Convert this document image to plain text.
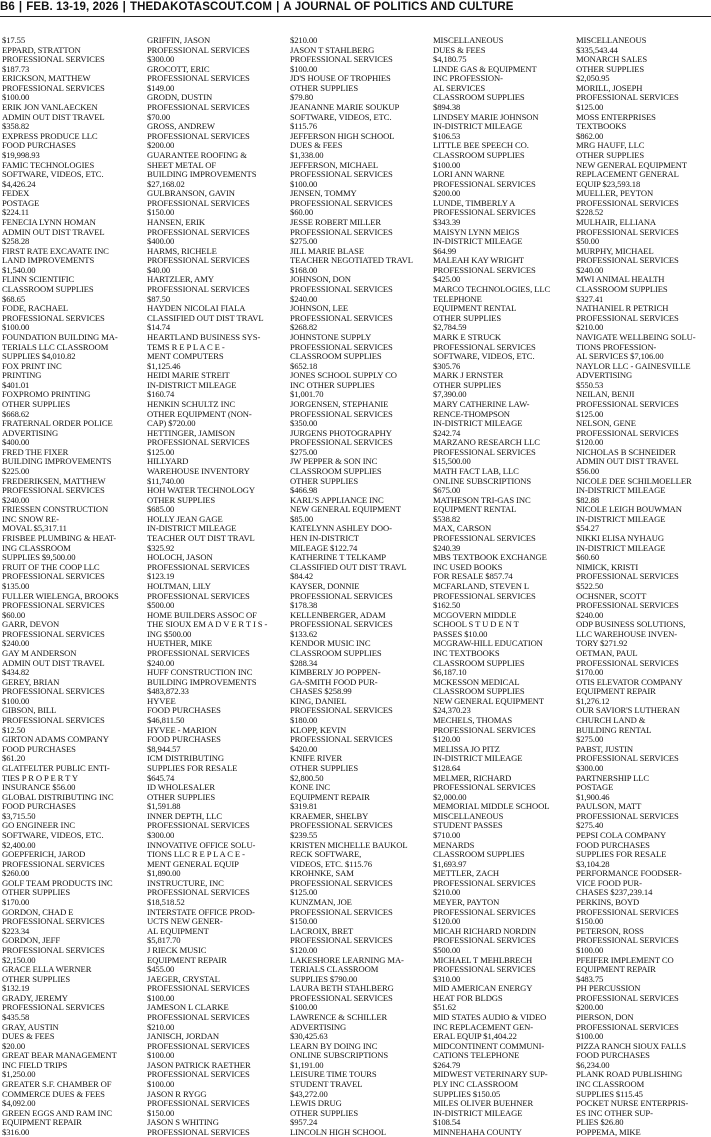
B6 | FEB. 13-19, 2026 | THEDAKOTASCOUT.COM | A JOURNAL OF POLITICS AND CULTURE
$17.55
EPPARD, STRATTON
PROFESSIONAL SERVICES
$187.73
ERICKSON, MATTHEW
PROFESSIONAL SERVICES
$100.00
ERIK JON VANLAECKEN
ADMIN OUT DIST TRAVEL
$358.82
EXPRESS PRODUCE LLC
FOOD PURCHASES
$19,998.93
FAMIC TECHNOLOGIES
SOFTWARE, VIDEOS, ETC.
$4,426.24
FEDEX
POSTAGE
$224.11
FENECIA LYNN HOMAN
ADMIN OUT DIST TRAVEL
$258.28
FIRST RATE EXCAVATE INC
LAND IMPROVEMENTS
$1,540.00
FLINN SCIENTIFIC
CLASSROOM SUPPLIES
$68.65
FODE, RACHAEL
PROFESSIONAL SERVICES
$100.00
FOUNDATION BUILDING MA-
TERIALS LLC CLASSROOM
SUPPLIES $4,010.82
FOX PRINT INC
PRINTING
$401.01
FOXPROMO PRINTING
OTHER SUPPLIES
$668.62
FRATERNAL ORDER POLICE
ADVERTISING
$400.00
FRED THE FIXER
BUILDING IMPROVEMENTS
$225.00
FREDERIKSEN, MATTHEW
PROFESSIONAL SERVICES
$240.00
FRIESSEN CONSTRUCTION
INC SNOW RE-
MOVAL $5,317.11
FRISBEE PLUMBING & HEAT-
ING CLASSROOM
SUPPLIES $9,500.00
FRUIT OF THE COOP LLC
PROFESSIONAL SERVICES
$135.00
FULLER WIELENGA, BROOKS
PROFESSIONAL SERVICES
$60.00
GARR, DEVON
PROFESSIONAL SERVICES
$240.00
GAY M ANDERSON
ADMIN OUT DIST TRAVEL
$434.82
GEREY, BRIAN
PROFESSIONAL SERVICES
$100.00
GIBSON, BILL
PROFESSIONAL SERVICES
$12.50
GIRTON ADAMS COMPANY
FOOD PURCHASES
$61.20
GLATFELTER PUBLIC ENTI-
TIES P R O P E R T Y
INSURANCE $56.00
GLOBAL DISTRIBUTING INC
FOOD PURCHASES
$3,715.50
GO ENGINEER INC
SOFTWARE, VIDEOS, ETC.
$2,400.00
GOEPFERICH, JAROD
PROFESSIONAL SERVICES
$260.00
GOLF TEAM PRODUCTS INC
OTHER SUPPLIES
$170.00
GORDON, CHAD E
PROFESSIONAL SERVICES
$223.34
GORDON, JEFF
PROFESSIONAL SERVICES
$2,150.00
GRACE ELLA WERNER
OTHER SUPPLIES
$132.19
GRADY, JEREMY
PROFESSIONAL SERVICES
$435.58
GRAY, AUSTIN
DUES & FEES
$20.00
GREAT BEAR MANAGEMENT
INC FIELD TRIPS
$1,250.00
GREATER S.F. CHAMBER OF
COMMERCE DUES & FEES
$4,092.00
GREEN EGGS AND RAM INC
EQUIPMENT REPAIR
$316.00
GRIFFIN, JASON
PROFESSIONAL SERVICES
$300.00
GROCOTT, ERIC
PROFESSIONAL SERVICES
$149.00
GRODN, DUSTIN
PROFESSIONAL SERVICES
$70.00
GROSS, ANDREW
PROFESSIONAL SERVICES
$200.00
GUARANTEE ROOFING &
SHEET METAL OF
BUILDING IMPROVEMENTS
$27,168.02
GULBRANSON, GAVIN
PROFESSIONAL SERVICES
$150.00
HANSEN, ERIK
PROFESSIONAL SERVICES
$400.00
HARMS, RICHELE
PROFESSIONAL SERVICES
$40.00
HARTZLER, AMY
PROFESSIONAL SERVICES
$87.50
HAYDEN NICOLAI FIALA
CLASSIFIED OUT DIST TRAVL
$14.74
HEARTLAND BUSINESS SYS-
TEMS R E P L A C E -
MENT COMPUTERS
$1,125.46
HEIDI MARIE STREIT
IN-DISTRICT MILEAGE
$160.74
HENKIN SCHULTZ INC
OTHER EQUIPMENT (NON-
CAP) $720.00
HETTINGER, JAMISON
PROFESSIONAL SERVICES
$125.00
HILLYARD
WAREHOUSE INVENTORY
$11,740.00
HOH WATER TECHNOLOGY
OTHER SUPPLIES
$685.00
HOLLY JEAN GAGE
IN-DISTRICT MILEAGE
TEACHER OUT DIST TRAVL
$325.92
HOLOCH, JASON
PROFESSIONAL SERVICES
$123.19
HOLTMAN, LILY
PROFESSIONAL SERVICES
$500.00
HOME BUILDERS ASSOC OF
THE SIOUX EM A D V E R T I S -
ING $500.00
HUETHER, MIKE
PROFESSIONAL SERVICES
$240.00
HUFF CONSTRUCTION INC
BUILDING IMPROVEMENTS
$483,872.33
HYVEE
FOOD PURCHASES
$46,811.50
HYVEE - MARION
FOOD PURCHASES
$8,944.57
ICM DISTRIBUTING
SUPPLIES FOR RESALE
$645.74
ID WHOLESALER
OTHER SUPPLIES
$1,591.88
INNER DEPTH, LLC
PROFESSIONAL SERVICES
$300.00
INNOVATIVE OFFICE SOLU-
TIONS LLC R E P L A C E -
MENT GENERAL EQUIP
$1,890.00
INSTRUCTURE, INC
PROFESSIONAL SERVICES
$18,518.52
INTERSTATE OFFICE PROD-
UCTS NEW GENER-
AL EQUIPMENT
$5,817.70
J RIECK MUSIC
EQUIPMENT REPAIR
$455.00
JAEGER, CRYSTAL
PROFESSIONAL SERVICES
$100.00
JAMESON L CLARKE
PROFESSIONAL SERVICES
$210.00
JANISCH, JORDAN
PROFESSIONAL SERVICES
$100.00
JASON PATRICK RAETHER
PROFESSIONAL SERVICES
$100.00
JASON R RYGG
PROFESSIONAL SERVICES
$150.00
JASON S WHITING
PROFESSIONAL SERVICES
$210.00
JASON T STAHLBERG
PROFESSIONAL SERVICES
$100.00
JD'S HOUSE OF TROPHIES
OTHER SUPPLIES
$79.80
JEANANNE MARIE SOUKUP
SOFTWARE, VIDEOS, ETC.
$115.76
JEFFERSON HIGH SCHOOL
DUES & FEES
$1,338.00
JEFFERSON, MICHAEL
PROFESSIONAL SERVICES
$100.00
JENSEN, TOMMY
PROFESSIONAL SERVICES
$60.00
JESSE ROBERT MILLER
PROFESSIONAL SERVICES
$275.00
JILL MARIE BLASE
TEACHER NEGOTIATED TRAVL
$168.00
JOHNSON, DON
PROFESSIONAL SERVICES
$240.00
JOHNSON, LEE
PROFESSIONAL SERVICES
$268.82
JOHNSTONE SUPPLY
PROFESSIONAL SERVICES
CLASSROOM SUPPLIES
$652.18
JONES SCHOOL SUPPLY CO
INC OTHER SUPPLIES
$1,001.70
JORGENSEN, STEPHANIE
PROFESSIONAL SERVICES
$350.00
JURGENS PHOTOGRAPHY
PROFESSIONAL SERVICES
$275.00
JW PEPPER & SON INC
CLASSROOM SUPPLIES
OTHER SUPPLIES
$466.98
KARL'S APPLIANCE INC
NEW GENERAL EQUIPMENT
$85.00
KATELYNN ASHLEY DOO-
HEN IN-DISTRICT
MILEAGE $122.74
KATHERINE T TELKAMP
CLASSIFIED OUT DIST TRAVL
$84.42
KAYSER, DONNIE
PROFESSIONAL SERVICES
$178.38
KELLENBERGER, ADAM
PROFESSIONAL SERVICES
$133.62
KENDOR MUSIC INC
CLASSROOM SUPPLIES
$288.34
KIMBERLY JO POPPEN-
GA-SMITH FOOD PUR-
CHASES $258.99
KING, DANIEL
PROFESSIONAL SERVICES
$180.00
KLOPP, KEVIN
PROFESSIONAL SERVICES
$420.00
KNIFE RIVER
OTHER SUPPLIES
$2,800.50
KONE INC
EQUIPMENT REPAIR
$319.81
KRAEMER, SHELBY
PROFESSIONAL SERVICES
$239.55
KRISTEN MICHELLE BAUKOL
RECK SOFTWARE,
VIDEOS, ETC. $115.76
KROHNKE, SAM
PROFESSIONAL SERVICES
$125.00
KUNZMAN, JOE
PROFESSIONAL SERVICES
$150.00
LACROIX, BRET
PROFESSIONAL SERVICES
$120.00
LAKESHORE LEARNING MA-
TERIALS CLASSROOM
SUPPLIES $790.00
LAURA BETH STAHLBERG
PROFESSIONAL SERVICES
$100.00
LAWRENCE & SCHILLER
ADVERTISING
$30,425.63
LEARN BY DOING INC
ONLINE SUBSCRIPTIONS
$1,191.00
LEISURE TIME TOURS
STUDENT TRAVEL
$43,272.00
LEWIS DRUG
OTHER SUPPLIES
$957.24
LINCOLN HIGH SCHOOL
MISCELLANEOUS
DUES & FEES
$4,180.75
LINDE GAS & EQUIPMENT
INC PROFESSION-
AL SERVICES
CLASSROOM SUPPLIES
$894.38
LINDSEY MARIE JOHNSON
IN-DISTRICT MILEAGE
$106.53
LITTLE BEE SPEECH CO.
CLASSROOM SUPPLIES
$100.00
LORI ANN WARNE
PROFESSIONAL SERVICES
$200.00
LUNDE, TIMBERLY A
PROFESSIONAL SERVICES
$343.39
MAISYN LYNN MEIGS
IN-DISTRICT MILEAGE
$64.99
MALEAH KAY WRIGHT
PROFESSIONAL SERVICES
$425.00
MARCO TECHNOLOGIES, LLC
TELEPHONE
EQUIPMENT RENTAL
OTHER SUPPLIES
$2,784.59
MARK E STRUCK
PROFESSIONAL SERVICES
SOFTWARE, VIDEOS, ETC.
$305.76
MARK J ERNSTER
OTHER SUPPLIES
$7,390.00
MARY CATHERINE LAW-
RENCE-THOMPSON
IN-DISTRICT MILEAGE
$242.74
MARZANO RESEARCH LLC
PROFESSIONAL SERVICES
$15,500.00
MATH FACT LAB, LLC
ONLINE SUBSCRIPTIONS
$675.00
MATHESON TRI-GAS INC
EQUIPMENT RENTAL
$538.82
MAX, CARSON
PROFESSIONAL SERVICES
$240.39
MBS TEXTBOOK EXCHANGE
INC USED BOOKS
FOR RESALE $857.74
MCFARLAND, STEVEN L
PROFESSIONAL SERVICES
$162.50
MCGOVERN MIDDLE
SCHOOL S T U D E N T
PASSES $10.00
MCGRAW-HILL EDUCATION
INC TEXTBOOKS
CLASSROOM SUPPLIES
$6,187.10
MCKESSON MEDICAL
CLASSROOM SUPPLIES
NEW GENERAL EQUIPMENT
$24,370.23
MECHELS, THOMAS
PROFESSIONAL SERVICES
$120.00
MELISSA JO PITZ
IN-DISTRICT MILEAGE
$128.64
MELMER, RICHARD
PROFESSIONAL SERVICES
$2,000.00
MEMORIAL MIDDLE SCHOOL
MISCELLANEOUS
STUDENT PASSES
$710.00
MENARDS
CLASSROOM SUPPLIES
$1,693.97
METTLER, ZACH
PROFESSIONAL SERVICES
$210.00
MEYER, PAYTON
PROFESSIONAL SERVICES
$120.00
MICAH RICHARD NORDIN
PROFESSIONAL SERVICES
$500.00
MICHAEL T MEHLBRECH
PROFESSIONAL SERVICES
$310.00
MID AMERICAN ENERGY
HEAT FOR BLDGS
$51.62
MID STATES AUDIO & VIDEO
INC REPLACEMENT GEN-
ERAL EQUIP $1,404.22
MIDCONTINENT COMMUNI-
CATIONS TELEPHONE
$264.79
MIDWEST VETERINARY SUP-
PLY INC CLASSROOM
SUPPLIES $150.05
MILES OLIVER BUEHNER
IN-DISTRICT MILEAGE
$108.54
MINNEHAHA COUNTY
MISCELLANEOUS
$335,543.44
MONARCH SALES
OTHER SUPPLIES
$2,050.95
MORILL, JOSEPH
PROFESSIONAL SERVICES
$125.00
MOSS ENTERPRISES
TEXTBOOKS
$862.00
MRG HAUFF, LLC
OTHER SUPPLIES
NEW GENERAL EQUIPMENT
REPLACEMENT GENERAL
EQUIP $23,593.18
MUELLER, PEYTON
PROFESSIONAL SERVICES
$228.52
MULHAIR, ELLIANA
PROFESSIONAL SERVICES
$50.00
MURPHY, MICHAEL
PROFESSIONAL SERVICES
$240.00
MWI ANIMAL HEALTH
CLASSROOM SUPPLIES
$327.41
NATHANIEL R PETRICH
PROFESSIONAL SERVICES
$210.00
NAVIGATE WELLBEING SOLU-
TIONS PROFESSION-
AL SERVICES $7,106.00
NAYLOR LLC - GAINESVILLE
ADVERTISING
$550.53
NEILAN, BENJI
PROFESSIONAL SERVICES
$125.00
NELSON, GENE
PROFESSIONAL SERVICES
$120.00
NICHOLAS B SCHNEIDER
ADMIN OUT DIST TRAVEL
$56.00
NICOLE DEE SCHILMOELLER
IN-DISTRICT MILEAGE
$82.88
NICOLE LEIGH BOUWMAN
IN-DISTRICT MILEAGE
$54.27
NIKKI ELISA NYHAUG
IN-DISTRICT MILEAGE
$60.60
NIMICK, KRISTI
PROFESSIONAL SERVICES
$522.50
OCHSNER, SCOTT
PROFESSIONAL SERVICES
$240.00
ODP BUSINESS SOLUTIONS,
LLC WAREHOUSE INVEN-
TORY $271.92
OETMAN, PAUL
PROFESSIONAL SERVICES
$170.00
OTIS ELEVATOR COMPANY
EQUIPMENT REPAIR
$1,276.12
OUR SAVIOR'S LUTHERAN
CHURCH LAND &
BUILDING RENTAL
$275.00
PABST, JUSTIN
PROFESSIONAL SERVICES
$300.00
PARTNERSHIP LLC
POSTAGE
$1,900.46
PAULSON, MATT
PROFESSIONAL SERVICES
$275.40
PEPSI COLA COMPANY
FOOD PURCHASES
SUPPLIES FOR RESALE
$3,104.28
PERFORMANCE FOODSER-
VICE FOOD PUR-
CHASES $237,239.14
PERKINS, BOYD
PROFESSIONAL SERVICES
$150.00
PETERSON, ROSS
PROFESSIONAL SERVICES
$100.00
PFEIFER IMPLEMENT CO
EQUIPMENT REPAIR
$483.75
PH PERCUSSION
PROFESSIONAL SERVICES
$200.00
PIERSON, DON
PROFESSIONAL SERVICES
$100.00
PIZZA RANCH SIOUX FALLS
FOOD PURCHASES
$6,234.00
PLANK ROAD PUBLISHING
INC CLASSROOM
SUPPLIES $115.45
POCKET NURSE ENTERPRIS-
ES INC OTHER SUP-
PLIES $26.80
POPPEMA, MIKE
